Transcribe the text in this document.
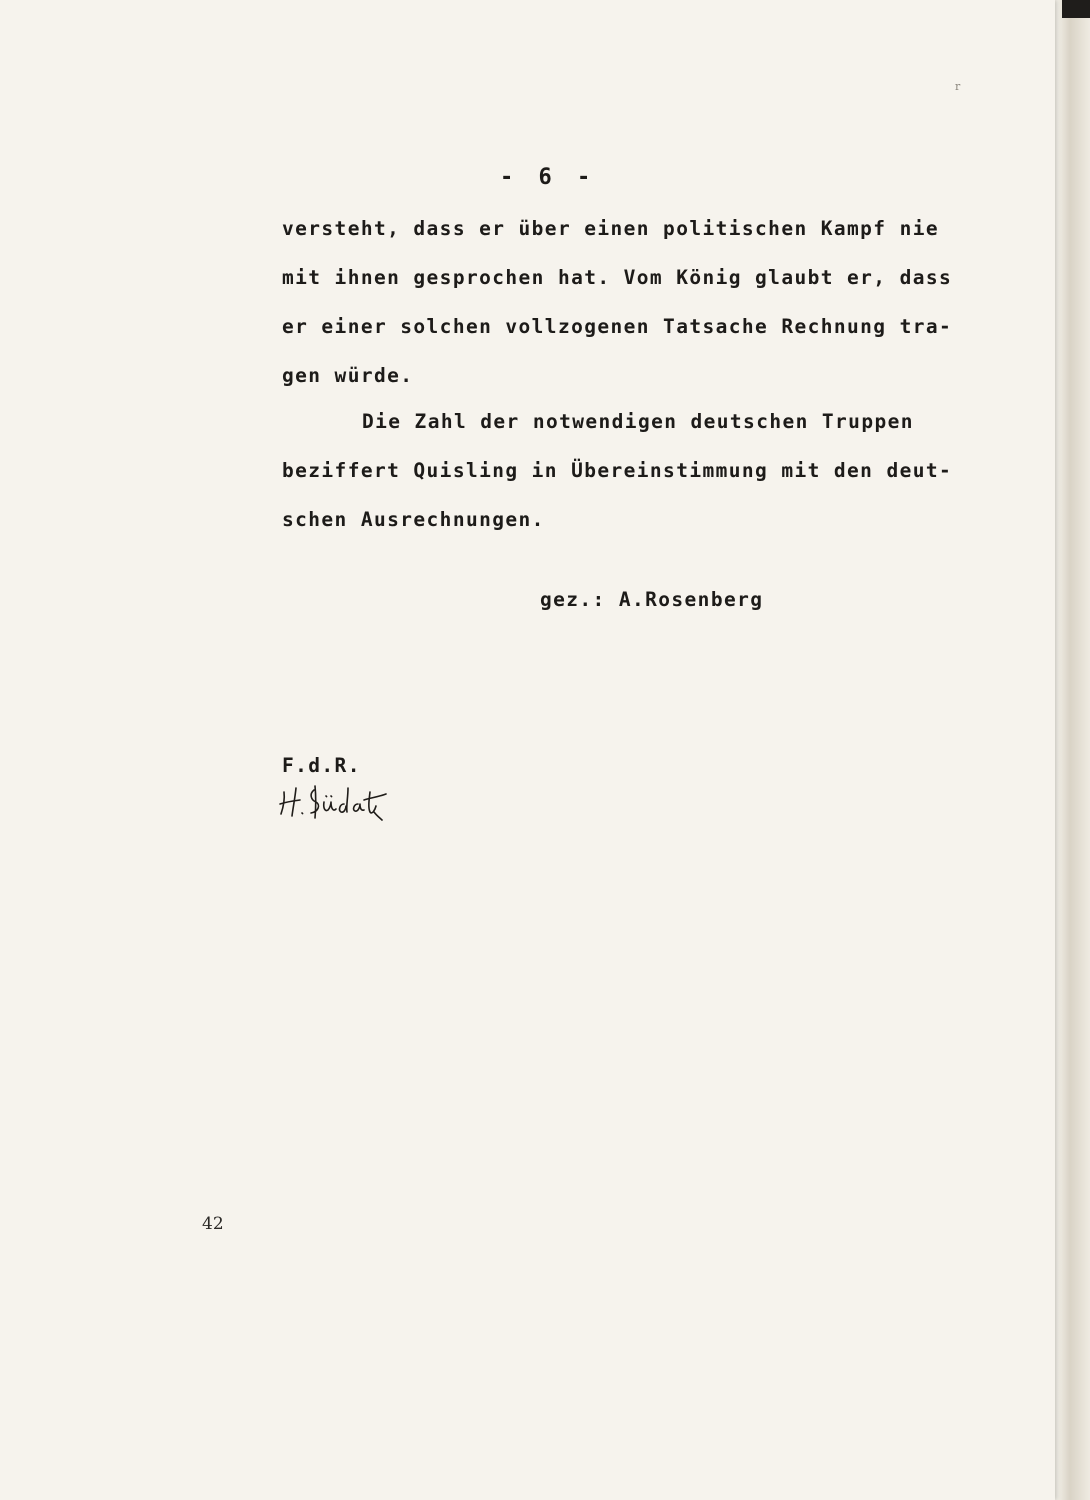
r
- 6 -
versteht, dass er über einen politischen Kampf nie
mit ihnen gesprochen hat. Vom König glaubt er, dass
er einer solchen vollzogenen Tatsache Rechnung tra-
gen würde.
Die Zahl der notwendigen deutschen Truppen
beziffert Quisling in Übereinstimmung mit den deut-
schen Ausrechnungen.
gez.: A.Rosenberg
F.d.R.
42
